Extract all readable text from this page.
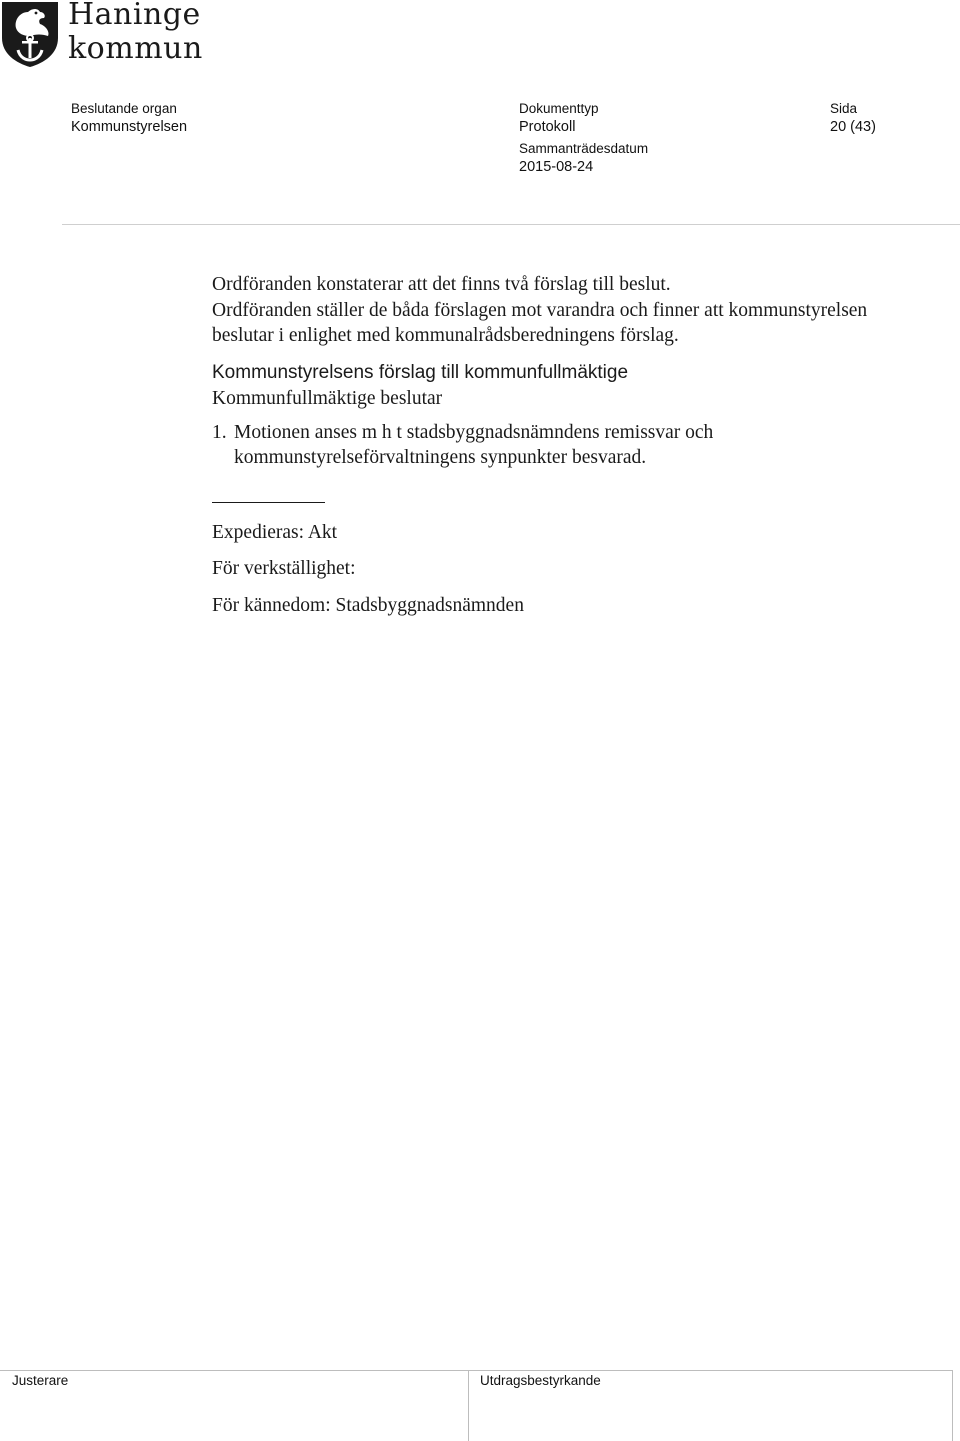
Haninge
kommun
Beslutande organ
Kommunstyrelsen
Dokumenttyp
Protokoll
Sammanträdesdatum
2015-08-24
Sida
20 (43)

Ordföranden konstaterar att det finns två förslag till beslut.

Ordföranden ställer de båda förslagen mot varandra och finner att kommunstyrelsen beslutar i enlighet med kommunalrådsberedningens förslag.

Kommunstyrelsens förslag till kommunfullmäktige

Kommunfullmäktige beslutar

1. Motionen anses m h t stadsbyggnadsnämndens remissvar och kommunstyrelseförvaltningens synpunkter besvarad.

Expedieras: Akt

För verkställighet:

För kännedom: Stadsbyggnadsnämnden

Justerare	Utdragsbestyrkande
